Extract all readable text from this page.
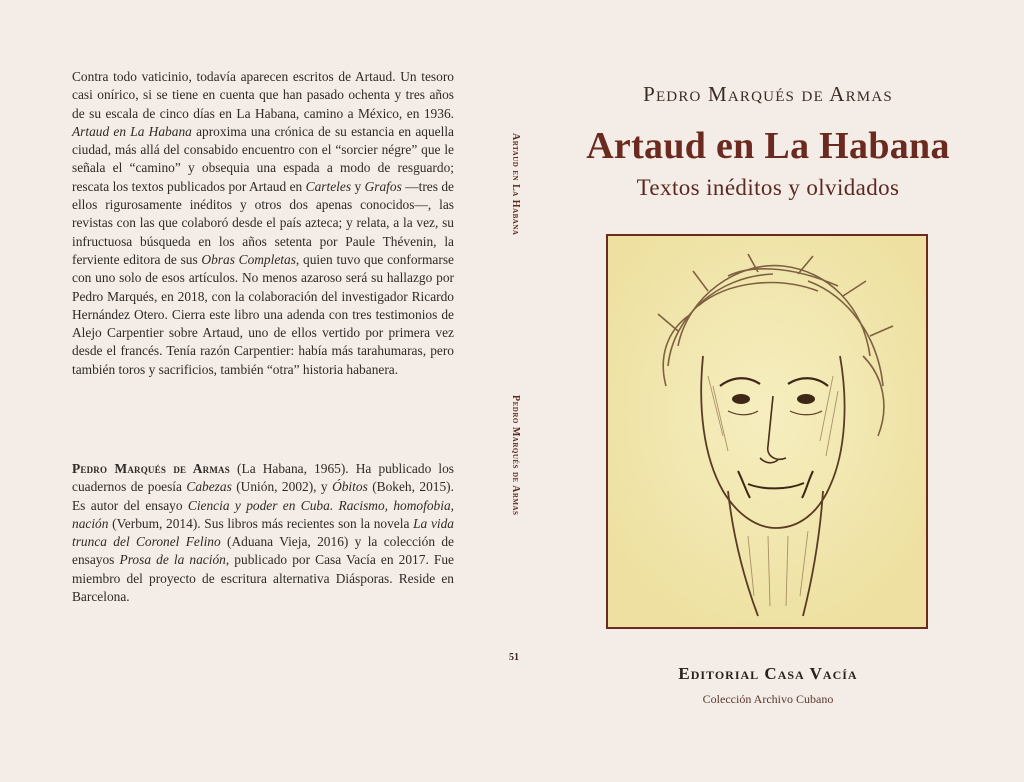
Contra todo vaticinio, todavía aparecen escritos de Artaud. Un tesoro casi onírico, si se tiene en cuenta que han pasado ochenta y tres años de su escala de cinco días en La Habana, camino a México, en 1936. Artaud en La Habana aproxima una crónica de su estancia en aquella ciudad, más allá del consabido encuentro con el “sorcier négre” que le señala el “camino” y obsequia una espada a modo de resguardo; rescata los textos publicados por Artaud en Carteles y Grafos —tres de ellos rigurosamente inéditos y otros dos apenas conocidos—, las revistas con las que colaboró desde el país azteca; y relata, a la vez, su infructuosa búsqueda en los años setenta por Paule Thévenin, la ferviente editora de sus Obras Completas, quien tuvo que conformarse con uno solo de esos artículos. No menos azaroso será su hallazgo por Pedro Marqués, en 2018, con la colaboración del investigador Ricardo Hernández Otero. Cierra este libro una adenda con tres testimonios de Alejo Carpentier sobre Artaud, uno de ellos vertido por primera vez desde el francés. Tenía razón Carpentier: había más tarahumaras, pero también toros y sacrificios, también “otra” historia habanera.

Pedro Marqués de Armas (La Habana, 1965). Ha publicado los cuadernos de poesía Cabezas (Unión, 2002), y Óbitos (Bokeh, 2015). Es autor del ensayo Ciencia y poder en Cuba. Racismo, homofobia, nación (Verbum, 2014). Sus libros más recientes son la novela La vida trunca del Coronel Felino (Aduana Vieja, 2016) y la colección de ensayos Prosa de la nación, publicado por Casa Vacía en 2017. Fue miembro del proyecto de escritura alternativa Diásporas. Reside en Barcelona.

Artaud en La Habana
Pedro Marqués de Armas
51
Pedro Marqués de Armas
Artaud en La Habana
Textos inéditos y olvidados
Editorial Casa Vacía
Colección Archivo Cubano
